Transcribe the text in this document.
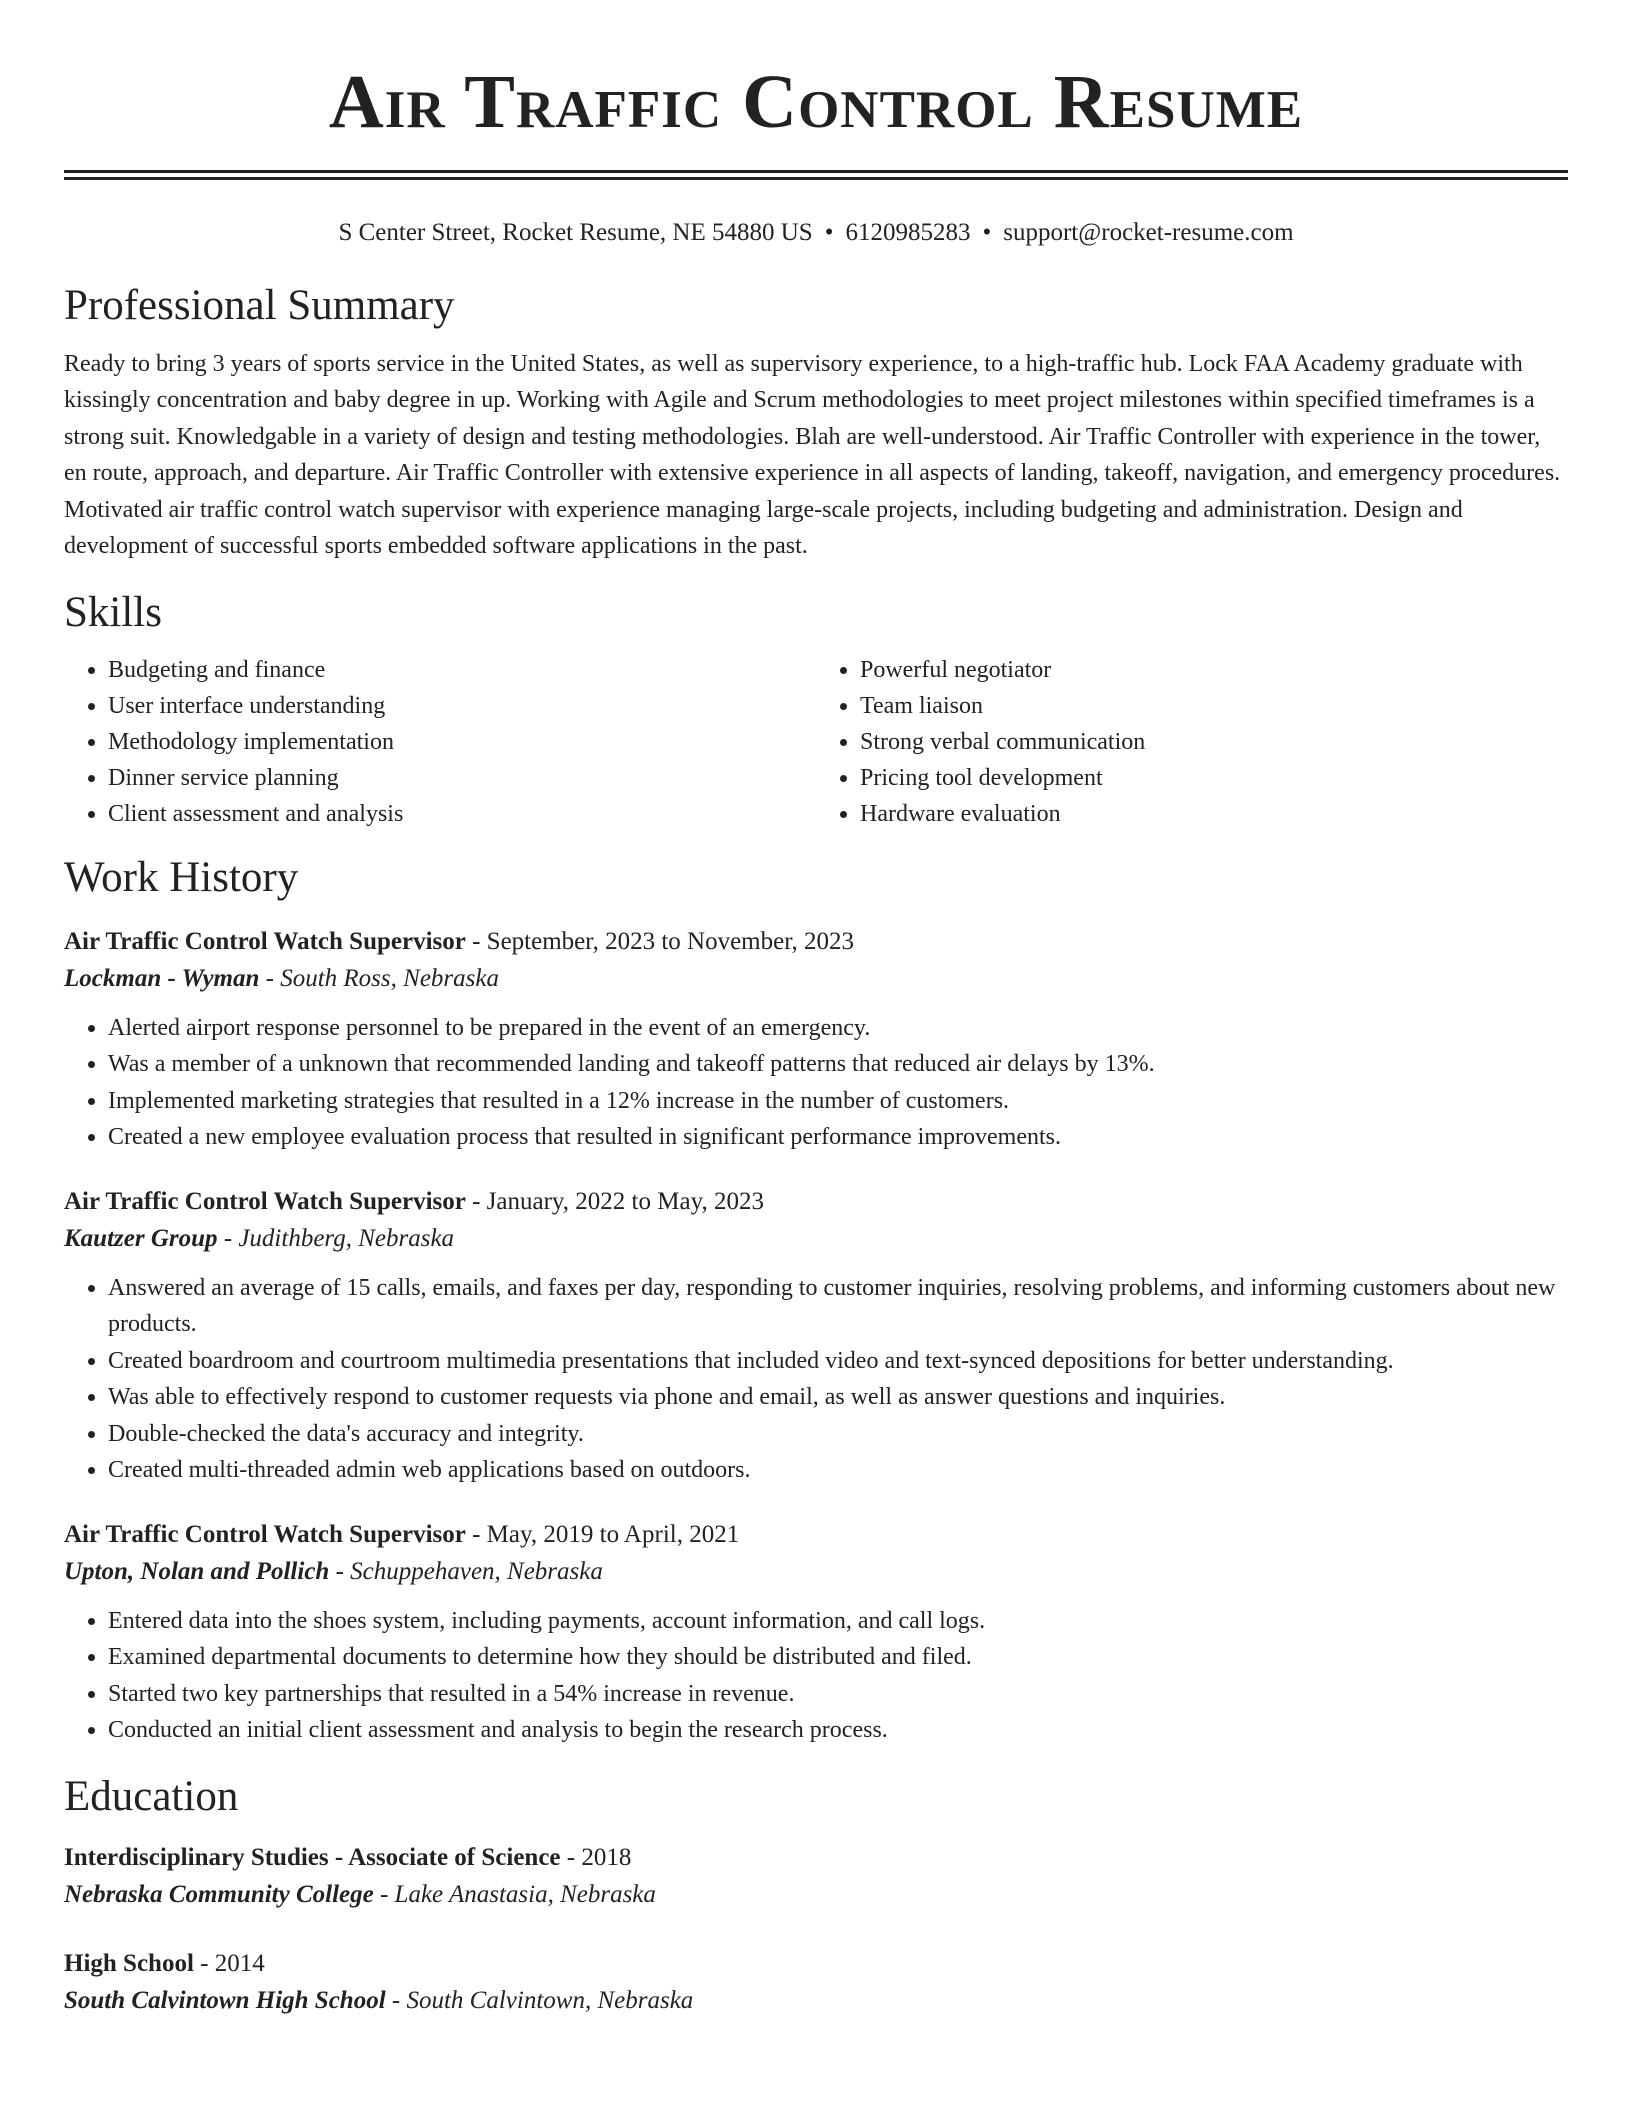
Air Traffic Control Resume
S Center Street, Rocket Resume, NE 54880 US • 6120985283 • support@rocket-resume.com
Professional Summary

Ready to bring 3 years of sports service in the United States, as well as supervisory experience, to a high-traffic hub. Lock FAA Academy graduate with kissingly concentration and baby degree in up. Working with Agile and Scrum methodologies to meet project milestones within specified timeframes is a strong suit. Knowledgable in a variety of design and testing methodologies. Blah are well-understood. Air Traffic Controller with experience in the tower, en route, approach, and departure. Air Traffic Controller with extensive experience in all aspects of landing, takeoff, navigation, and emergency procedures. Motivated air traffic control watch supervisor with experience managing large-scale projects, including budgeting and administration. Design and development of successful sports embedded software applications in the past.

Skills
• Budgeting and finance
• User interface understanding
• Methodology implementation
• Dinner service planning
• Client assessment and analysis
• Powerful negotiator
• Team liaison
• Strong verbal communication
• Pricing tool development
• Hardware evaluation
Work History
Air Traffic Control Watch Supervisor - September, 2023 to November, 2023
Lockman - Wyman - South Ross, Nebraska
• Alerted airport response personnel to be prepared in the event of an emergency.
• Was a member of a unknown that recommended landing and takeoff patterns that reduced air delays by 13%.
• Implemented marketing strategies that resulted in a 12% increase in the number of customers.
• Created a new employee evaluation process that resulted in significant performance improvements.
Air Traffic Control Watch Supervisor - January, 2022 to May, 2023
Kautzer Group - Judithberg, Nebraska
• Answered an average of 15 calls, emails, and faxes per day, responding to customer inquiries, resolving problems, and informing customers about new products.
• Created boardroom and courtroom multimedia presentations that included video and text-synced depositions for better understanding.
• Was able to effectively respond to customer requests via phone and email, as well as answer questions and inquiries.
• Double-checked the data's accuracy and integrity.
• Created multi-threaded admin web applications based on outdoors.
Air Traffic Control Watch Supervisor - May, 2019 to April, 2021
Upton, Nolan and Pollich - Schuppehaven, Nebraska
• Entered data into the shoes system, including payments, account information, and call logs.
• Examined departmental documents to determine how they should be distributed and filed.
• Started two key partnerships that resulted in a 54% increase in revenue.
• Conducted an initial client assessment and analysis to begin the research process.
Education
Interdisciplinary Studies - Associate of Science - 2018
Nebraska Community College - Lake Anastasia, Nebraska
High School - 2014
South Calvintown High School - South Calvintown, Nebraska
